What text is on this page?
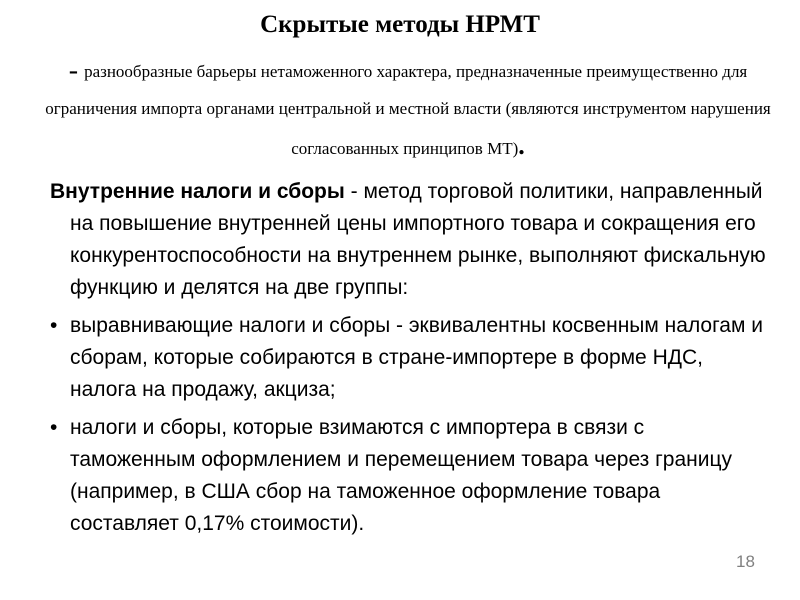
Скрытые методы НРМТ
- разнообразные барьеры нетаможенного характера, предназначенные преимущественно для ограничения импорта органами центральной и местной власти (являются инструментом нарушения согласованных принципов МТ).

Внутренние налоги и сборы - метод торговой политики, направленный на повышение внутренней цены импортного товара и сокращения его конкурентоспособности на внутреннем рынке, выполняют фискальную функцию и делятся на две группы:

• выравнивающие налоги и сборы - эквивалентны косвенным налогам и сборам, которые собираются в стране-импортере в форме НДС, налога на продажу, акциза;
• налоги и сборы, которые взимаются с импортера в связи с таможенным оформлением и перемещением товара через границу (например, в США сбор на таможенное оформление товара составляет 0,17% стоимости).
18
